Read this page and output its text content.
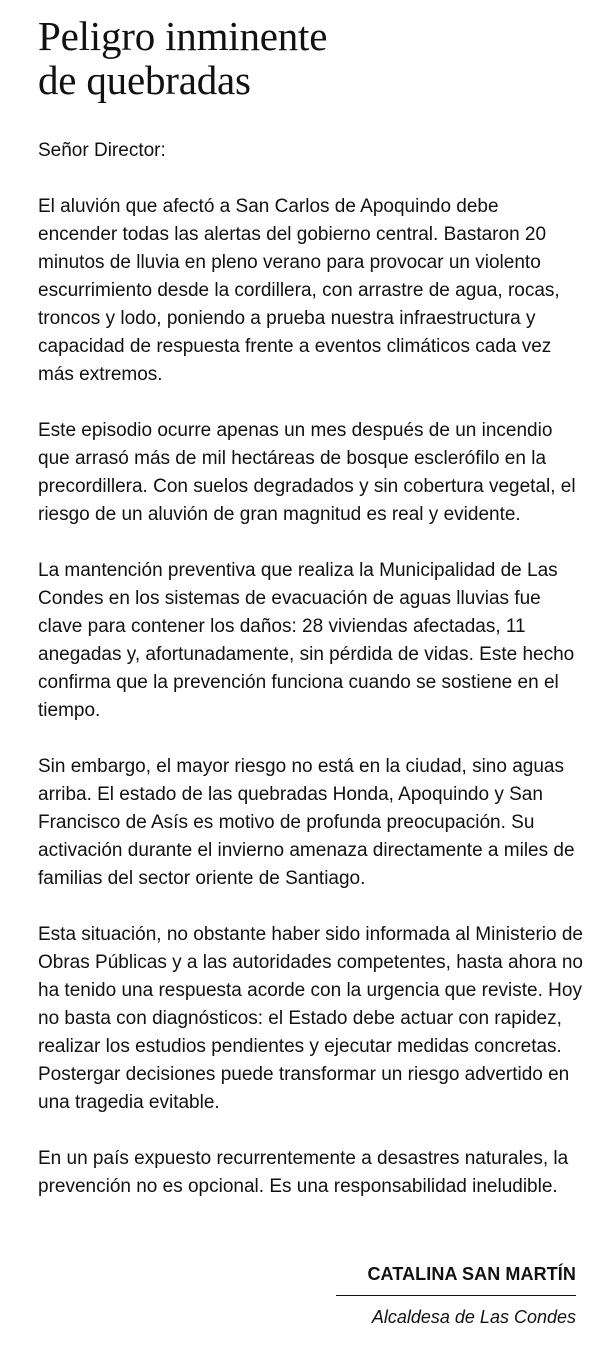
Peligro inminente
de quebradas

Señor Director:

El aluvión que afectó a San Carlos de Apoquindo debe encender todas las alertas del gobierno central. Bastaron 20 minutos de lluvia en pleno verano para provocar un violento escurrimiento desde la cordillera, con arrastre de agua, rocas, troncos y lodo, poniendo a prueba nuestra infraestructura y capacidad de respuesta frente a eventos climáticos cada vez más extremos.

Este episodio ocurre apenas un mes después de un incendio que arrasó más de mil hectáreas de bosque esclerófilo en la precordillera. Con suelos degradados y sin cobertura vegetal, el riesgo de un aluvión de gran magnitud es real y evidente.

La mantención preventiva que realiza la Municipalidad de Las Condes en los sistemas de evacuación de aguas lluvias fue clave para contener los daños: 28 viviendas afectadas, 11 anegadas y, afortunadamente, sin pérdida de vidas. Este hecho confirma que la prevención funciona cuando se sostiene en el tiempo.

Sin embargo, el mayor riesgo no está en la ciudad, sino aguas arriba. El estado de las quebradas Honda, Apoquindo y San Francisco de Asís es motivo de profunda preocupación. Su activación durante el invierno amenaza directamente a miles de familias del sector oriente de Santiago.

Esta situación, no obstante haber sido informada al Ministerio de Obras Públicas y a las autoridades competentes, hasta ahora no ha tenido una respuesta acorde con la urgencia que reviste. Hoy no basta con diagnósticos: el Estado debe actuar con rapidez, realizar los estudios pendientes y ejecutar medidas concretas. Postergar decisiones puede transformar un riesgo advertido en una tragedia evitable.

En un país expuesto recurrentemente a desastres naturales, la prevención no es opcional. Es una responsabilidad ineludible.

CATALINA SAN MARTÍN
Alcaldesa de Las Condes
